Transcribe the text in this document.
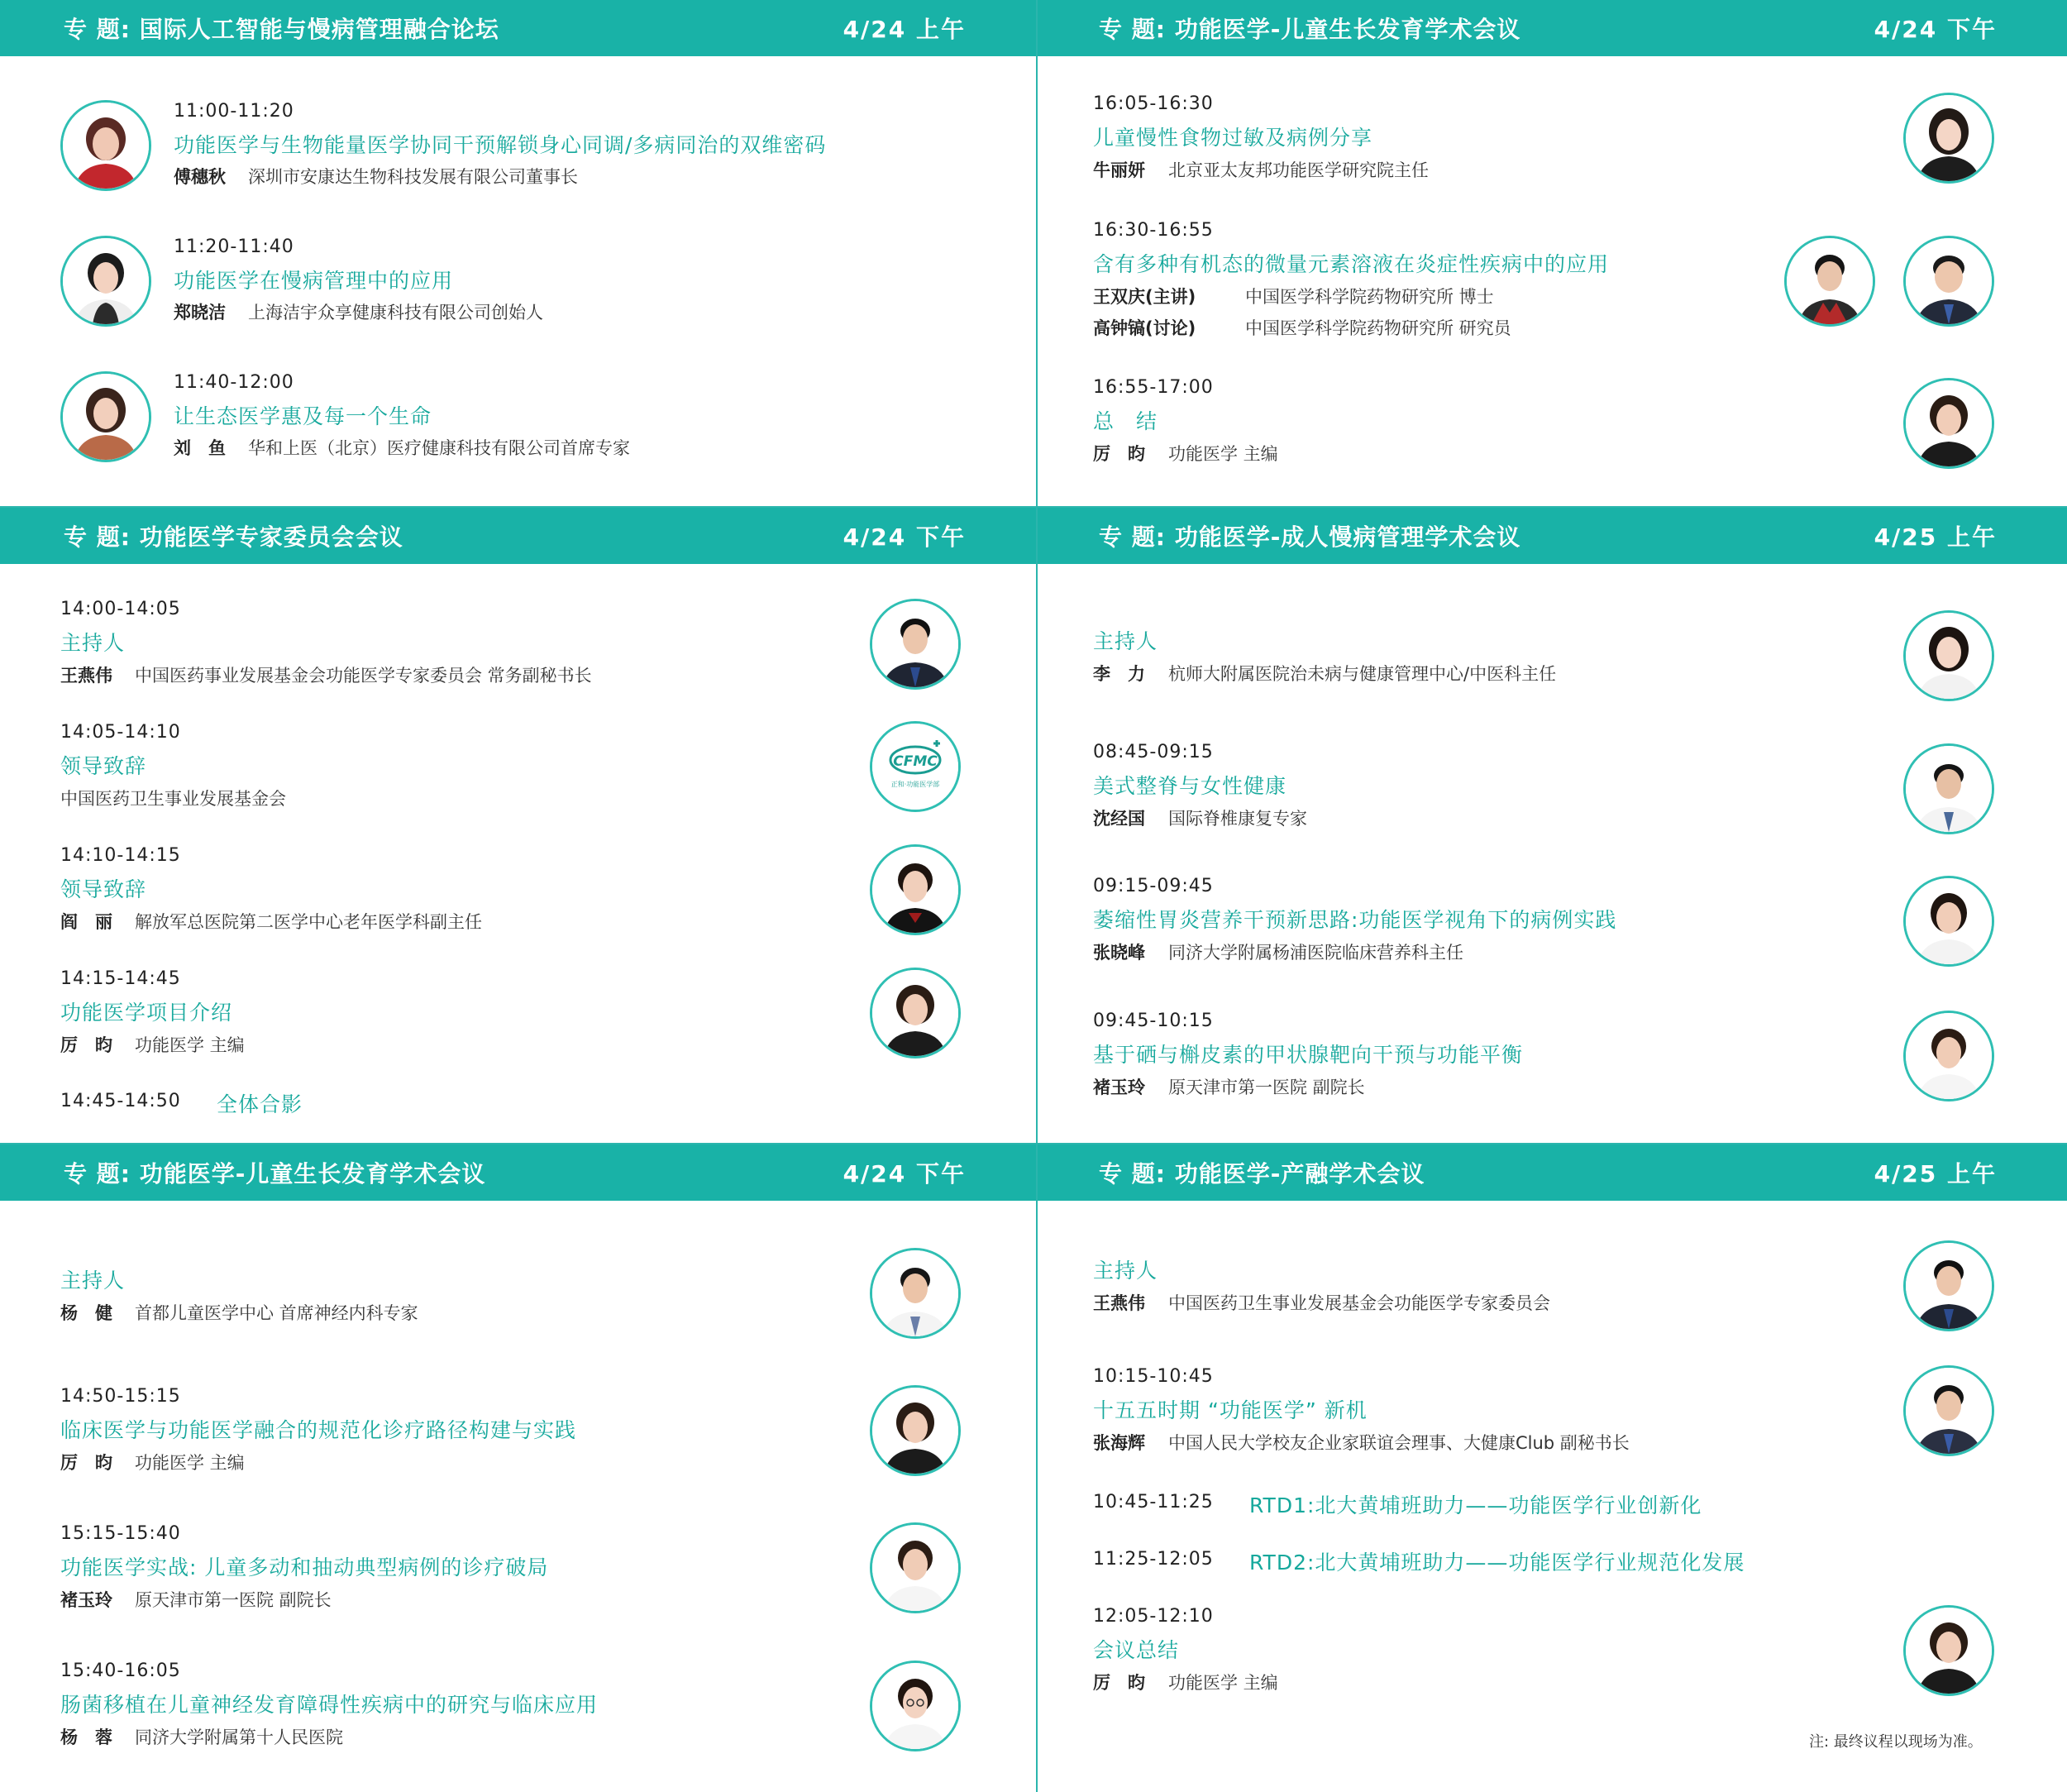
专 题: 国际人工智能与慢病管理融合论坛	4/24 上午
11:00-11:20
功能医学与生物能量医学协同干预解锁身心同调/多病同治的双维密码
傅穗秋 深圳市安康达生物科技发展有限公司董事长
11:20-11:40
功能医学在慢病管理中的应用
郑晓洁 上海洁宇众享健康科技有限公司创始人
11:40-12:00
让生态医学惠及每一个生命
刘　鱼 华和上医（北京）医疗健康科技有限公司首席专家
专 题: 功能医学-儿童生长发育学术会议	4/24 下午
16:05-16:30
儿童慢性食物过敏及病例分享
牛丽妍 北京亚太友邦功能医学研究院主任
16:30-16:55
含有多种有机态的微量元素溶液在炎症性疾病中的应用
王双庆(主讲)	中国医学科学院药物研究所 博士
高钟镐(讨论)	中国医学科学院药物研究所 研究员
16:55-17:00
总　结
厉　昀 功能医学 主编
专 题: 功能医学专家委员会会议	4/24 下午
14:00-14:05
主持人
王燕伟 中国医药事业发展基金会功能医学专家委员会 常务副秘书长
14:05-14:10
领导致辞
中国医药卫生事业发展基金会
CFMC
正和·功能医学部
14:10-14:15
领导致辞
阎　丽 解放军总医院第二医学中心老年医学科副主任
14:15-14:45
功能医学项目介绍
厉　昀 功能医学 主编
14:45-14:50 全体合影
专 题: 功能医学-成人慢病管理学术会议	4/25 上午
主持人
李　力 杭师大附属医院治未病与健康管理中心/中医科主任
08:45-09:15
美式整脊与女性健康
沈经国 国际脊椎康复专家
09:15-09:45
萎缩性胃炎营养干预新思路:功能医学视角下的病例实践
张晓峰 同济大学附属杨浦医院临床营养科主任
09:45-10:15
基于硒与槲皮素的甲状腺靶向干预与功能平衡
褚玉玲 原天津市第一医院 副院长
专 题: 功能医学-儿童生长发育学术会议	4/24 下午
主持人
杨　健 首都儿童医学中心 首席神经内科专家
14:50-15:15
临床医学与功能医学融合的规范化诊疗路径构建与实践
厉　昀 功能医学 主编
15:15-15:40
功能医学实战: 儿童多动和抽动典型病例的诊疗破局
褚玉玲 原天津市第一医院 副院长
15:40-16:05
肠菌移植在儿童神经发育障碍性疾病中的研究与临床应用
杨　蓉 同济大学附属第十人民医院
专 题: 功能医学-产融学术会议	4/25 上午
主持人
王燕伟 中国医药卫生事业发展基金会功能医学专家委员会
10:15-10:45
十五五时期 “功能医学” 新机
张海辉 中国人民大学校友企业家联谊会理事、大健康Club 副秘书长
10:45-11:25 RTD1:北大黄埔班助力——功能医学行业创新化
11:25-12:05 RTD2:北大黄埔班助力——功能医学行业规范化发展
12:05-12:10
会议总结
厉　昀 功能医学 主编
注: 最终议程以现场为准。
